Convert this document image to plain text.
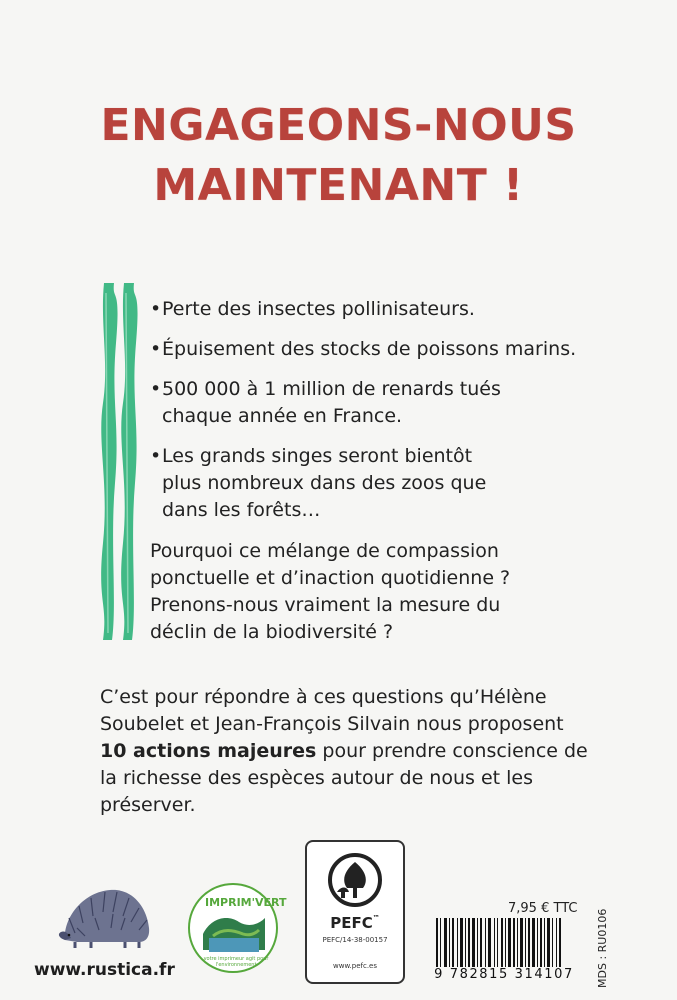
ENGAGEONS-NOUS
MAINTENANT !
• Perte des insectes pollinisateurs.
• Épuisement des stocks de poissons marins.
• 500 000 à 1 million de renards tués chaque année en France.
• Les grands singes seront bientôt plus nombreux dans des zoos que dans les forêts…
Pourquoi ce mélange de compassion ponctuelle et d’inaction quotidienne ? Prenons-nous vraiment la mesure du déclin de la biodiversité ?
C’est pour répondre à ces questions qu’Hélène Soubelet et Jean-François Silvain nous proposent 10 actions majeures pour prendre conscience de la richesse des espèces autour de nous et les préserver.
www.rustica.fr
IMPRIM'VERT
votre imprimeur agit pour l'environnement
PEFC™
PEFC/14-38-00157
www.pefc.es
7,95 € TTC
9 782815 314107 MDS : RU0106
